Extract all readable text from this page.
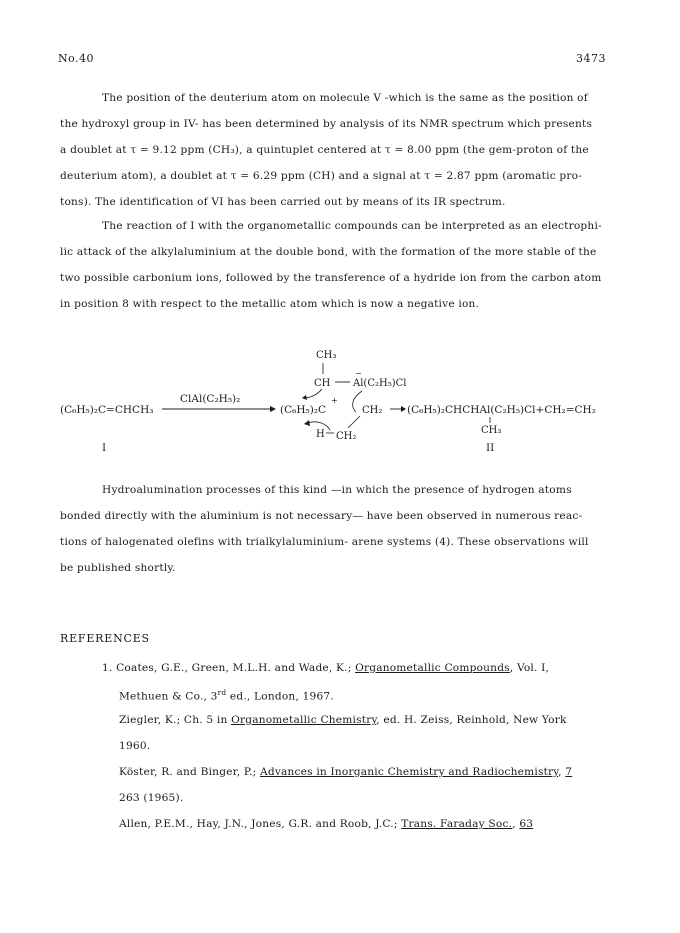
No.40	3473
The position of the deuterium atom on molecule V -which is the same as the position of
the hydroxyl group in IV- has been determined by analysis of its NMR spectrum which presents
a doublet at τ = 9.12 ppm (CH₃), a quintuplet centered at τ = 8.00 ppm (the gem-proton of the
deuterium atom), a doublet at τ = 6.29 ppm (CH) and a signal at τ = 2.87 ppm (aromatic pro-
tons). The identification of VI has been carried out by means of its IR spectrum.
The reaction of I with the organometallic compounds can be interpreted as an electrophi-
lic attack of the alkylaluminium at the double bond, with the formation of the more stable of the
two possible carbonium ions, followed by the transference of a hydride ion from the carbon atom
in position 8 with respect to the metallic atom which is now a negative ion.
(C₆H₅)₂C=CHCH₃
ClAl(C₂H₅)₂
(C₆H₅)₂C
+
CH₃
CH Al(C₂H₅)Cl
−
CH₂
H CH₂
(C₆H₅)₂CHCHAl(C₂H₅)Cl+CH₂=CH₂
CH₃
I	II
Hydroalumination processes of this kind —in which the presence of hydrogen atoms
bonded directly with the aluminium is not necessary— have been observed in numerous reac-
tions of halogenated olefins with trialkylaluminium- arene systems (4). These observations will
be published shortly.
REFERENCES
1. Coates, G.E., Green, M.L.H. and Wade, K.; Organometallic Compounds, Vol. I,
Methuen & Co., 3rd ed., London, 1967.
Ziegler, K.; Ch. 5 in Organometallic Chemistry, ed. H. Zeiss, Reinhold, New York
1960.
Köster, R. and Binger, P.; Advances in Inorganic Chemistry and Radiochemistry, 7
263 (1965).
Allen, P.E.M., Hay, J.N., Jones, G.R. and Roob, J.C.; Trans. Faraday Soc., 63
